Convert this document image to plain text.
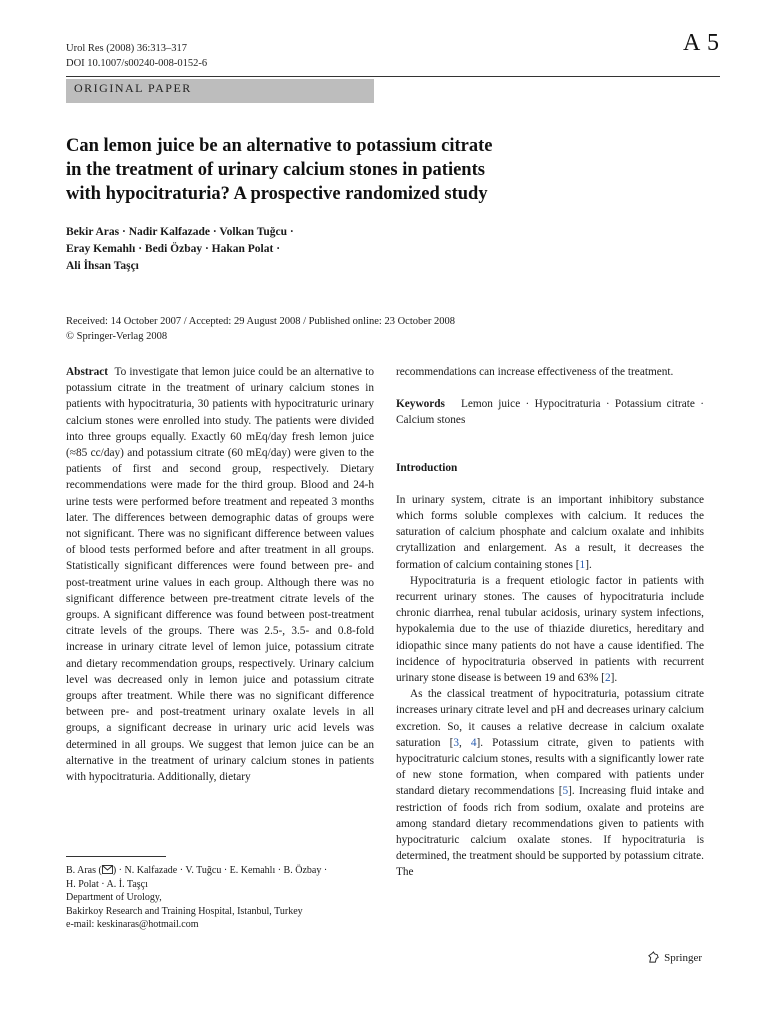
Urol Res (2008) 36:313–317
DOI 10.1007/s00240-008-0152-6
A 5
ORIGINAL PAPER
Can lemon juice be an alternative to potassium citrate
in the treatment of urinary calcium stones in patients
with hypocitraturia? A prospective randomized study
Bekir Aras · Nadir Kalfazade · Volkan Tuğcu ·
Eray Kemahlı · Bedi Özbay · Hakan Polat ·
Ali İhsan Taşçı
Received: 14 October 2007 / Accepted: 29 August 2008 / Published online: 23 October 2008
© Springer-Verlag 2008

Abstract To investigate that lemon juice could be an alternative to potassium citrate in the treatment of urinary calcium stones in patients with hypocitraturia, 30 patients with hypocitraturic urinary calcium stones were enrolled into study. The patients were divided into three groups equally. Exactly 60 mEq/day fresh lemon juice (≈85 cc/day) and potassium citrate (60 mEq/day) were given to the patients of first and second group, respectively. Dietary recommendations were made for the third group. Blood and 24-h urine tests were performed before treatment and repeated 3 months later. The differences between demographic datas of groups were not significant. There was no significant difference between values of blood tests performed before and after treatment in all groups. Statistically significant differences were found between pre- and post-treatment urine values in each group. Although there was no significant difference between pre-treatment citrate levels of the groups. A significant difference was found between post-treatment citrate levels of the groups. There was 2.5-, 3.5- and 0.8-fold increase in urinary citrate level of lemon juice, potassium citrate and dietary recommendation groups, respectively. Urinary calcium level was decreased only in lemon juice and potassium citrate groups after treatment. While there was no significant difference between pre- and post-treatment urinary oxalate levels in all groups, a significant decrease in urinary uric acid levels was determined in all groups. We suggest that lemon juice can be an alternative in the treatment of urinary calcium stones in patients with hypocitraturia. Additionally, dietary

B. Aras ( ) · N. Kalfazade · V. Tuğcu · E. Kemahlı · B. Özbay ·
H. Polat · A. İ. Taşçı
Department of Urology,
Bakirkoy Research and Training Hospital, Istanbul, Turkey
e-mail: keskinaras@hotmail.com

recommendations can increase effectiveness of the treatment.

Keywords Lemon juice · Hypocitraturia · Potassium citrate · Calcium stones

Introduction

In urinary system, citrate is an important inhibitory substance which forms soluble complexes with calcium. It reduces the saturation of calcium phosphate and calcium oxalate and inhibits crytallization and enlargement. As a result, it decreases the formation of calcium containing stones [1].

Hypocitraturia is a frequent etiologic factor in patients with recurrent urinary stones. The causes of hypocitraturia include chronic diarrhea, renal tubular acidosis, urinary system infections, hypokalemia due to the use of thiazide diuretics, hereditary and idiopathic since many patients do not have a cause identified. The incidence of hypocitraturia observed in patients with recurrent urinary stone disease is between 19 and 63% [2].

As the classical treatment of hypocitraturia, potassium citrate increases urinary citrate level and pH and decreases urinary calcium excretion. So, it causes a relative decrease in calcium oxalate saturation [3, 4]. Potassium citrate, given to patients with hypocitraturic calcium stones, results with a significantly lower rate of new stone formation, when compared with patients under standard dietary recommendations [5]. Increasing fluid intake and restriction of foods rich from sodium, oxalate and proteins are among standard dietary recommendations given to patients with hypocitraturic calcium oxalate stones. If hypocitraturia is determined, the treatment should be supported by potassium citrate. The

Springer
